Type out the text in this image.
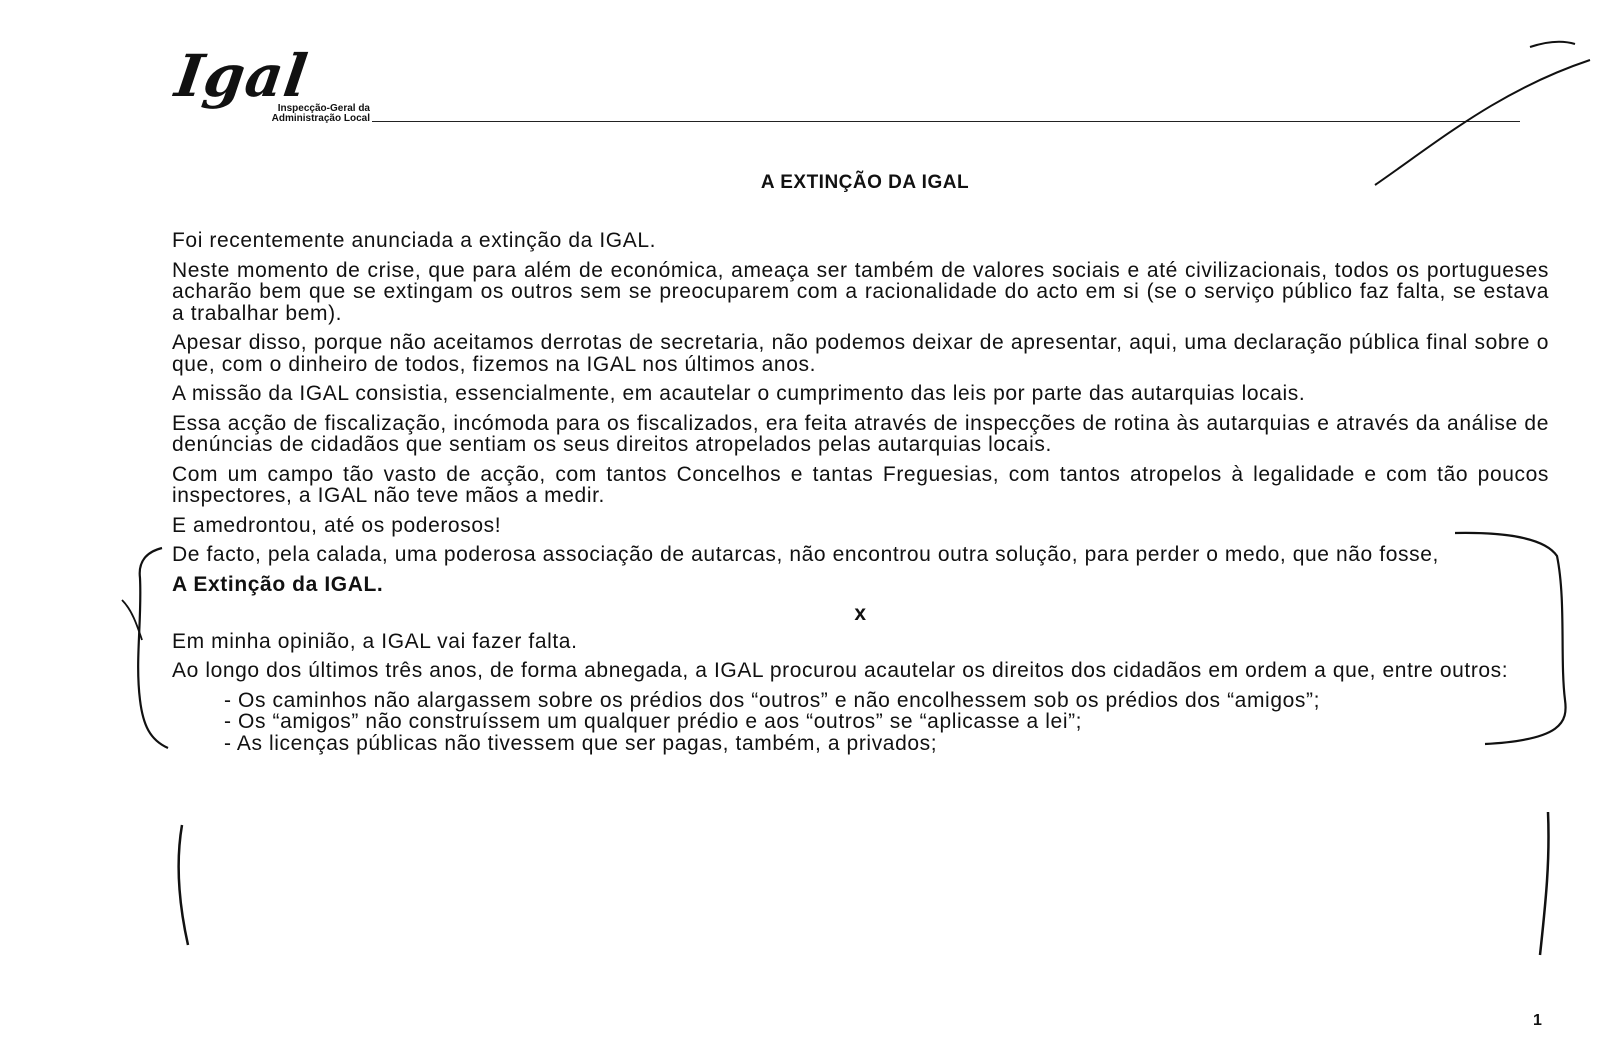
Igal
Inspecção-Geral da
Administração Local
A EXTINÇÃO DA IGAL

Foi recentemente anunciada a extinção da IGAL.

Neste momento de crise, que para além de económica, ameaça ser também de valores sociais e até civilizacionais, todos os portugueses acharão bem que se extingam os outros sem se preocuparem com a racionalidade do acto em si (se o serviço público faz falta, se estava a trabalhar bem).

Apesar disso, porque não aceitamos derrotas de secretaria, não podemos deixar de apresentar, aqui, uma declaração pública final sobre o que, com o dinheiro de todos, fizemos na IGAL nos últimos anos.

A missão da IGAL consistia, essencialmente, em acautelar o cumprimento das leis por parte das autarquias locais.

Essa acção de fiscalização, incómoda para os fiscalizados, era feita através de inspecções de rotina às autarquias e através da análise de denúncias de cidadãos que sentiam os seus direitos atropelados pelas autarquias locais.

Com um campo tão vasto de acção, com tantos Concelhos e tantas Freguesias, com tantos atropelos à legalidade e com tão poucos inspectores, a IGAL não teve mãos a medir.

E amedrontou, até os poderosos!

De facto, pela calada, uma poderosa associação de autarcas, não encontrou outra solução, para perder o medo, que não fosse,

A Extinção da IGAL.

x

Em minha opinião, a IGAL vai fazer falta.

Ao longo dos últimos três anos, de forma abnegada, a IGAL procurou acautelar os direitos dos cidadãos em ordem a que, entre outros:

- Os caminhos não alargassem sobre os prédios dos “outros” e não encolhessem sob os prédios dos “amigos”;

- Os “amigos” não construíssem um qualquer prédio e aos “outros” se “aplicasse a lei”;

- As licenças públicas não tivessem que ser pagas, também, a privados;

1
